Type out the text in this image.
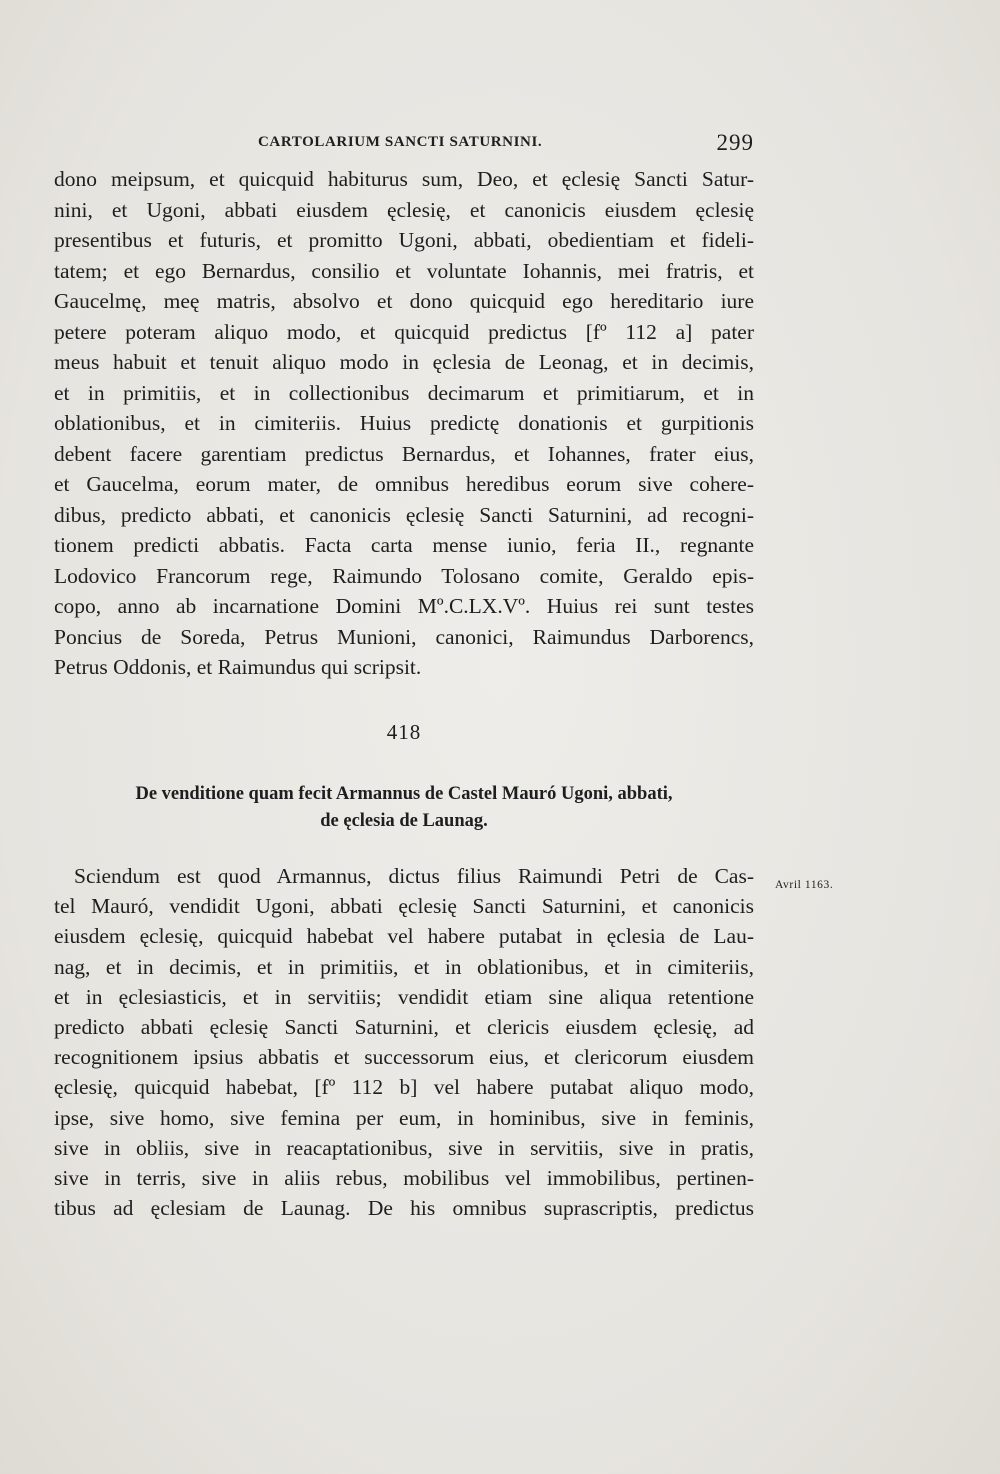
CARTOLARIUM SANCTI SATURNINI.	299
dono meipsum, et quicquid habiturus sum, Deo, et ęclesię Sancti Satur-
nini, et Ugoni, abbati eiusdem ęclesię, et canonicis eiusdem ęclesię
presentibus et futuris, et promitto Ugoni, abbati, obedientiam et fideli-
tatem; et ego Bernardus, consilio et voluntate Iohannis, mei fratris, et
Gaucelmę, meę matris, absolvo et dono quicquid ego hereditario iure
petere poteram aliquo modo, et quicquid predictus [fº 112 a] pater
meus habuit et tenuit aliquo modo in ęclesia de Leonag, et in decimis,
et in primitiis, et in collectionibus decimarum et primitiarum, et in
oblationibus, et in cimiteriis. Huius predictę donationis et gurpitionis
debent facere garentiam predictus Bernardus, et Iohannes, frater eius,
et Gaucelma, eorum mater, de omnibus heredibus eorum sive cohere-
dibus, predicto abbati, et canonicis ęclesię Sancti Saturnini, ad recogni-
tionem predicti abbatis. Facta carta mense iunio, feria II., regnante
Lodovico Francorum rege, Raimundo Tolosano comite, Geraldo epis-
copo, anno ab incarnatione Domini Mº.C.LX.Vº. Huius rei sunt testes
Poncius de Soreda, Petrus Munioni, canonici, Raimundus Darborencs,
Petrus Oddonis, et Raimundus qui scripsit.
418
De venditione quam fecit Armannus de Castel Mauró Ugoni, abbati,
de ęclesia de Launag.
Avril 1163.
Sciendum est quod Armannus, dictus filius Raimundi Petri de Cas-
tel Mauró, vendidit Ugoni, abbati ęclesię Sancti Saturnini, et canonicis
eiusdem ęclesię, quicquid habebat vel habere putabat in ęclesia de Lau-
nag, et in decimis, et in primitiis, et in oblationibus, et in cimiteriis,
et in ęclesiasticis, et in servitiis; vendidit etiam sine aliqua retentione
predicto abbati ęclesię Sancti Saturnini, et clericis eiusdem ęclesię, ad
recognitionem ipsius abbatis et successorum eius, et clericorum eiusdem
ęclesię, quicquid habebat, [fº 112 b] vel habere putabat aliquo modo,
ipse, sive homo, sive femina per eum, in hominibus, sive in feminis,
sive in obliis, sive in reacaptationibus, sive in servitiis, sive in pratis,
sive in terris, sive in aliis rebus, mobilibus vel immobilibus, pertinen-
tibus ad ęclesiam de Launag. De his omnibus suprascriptis, predictus
